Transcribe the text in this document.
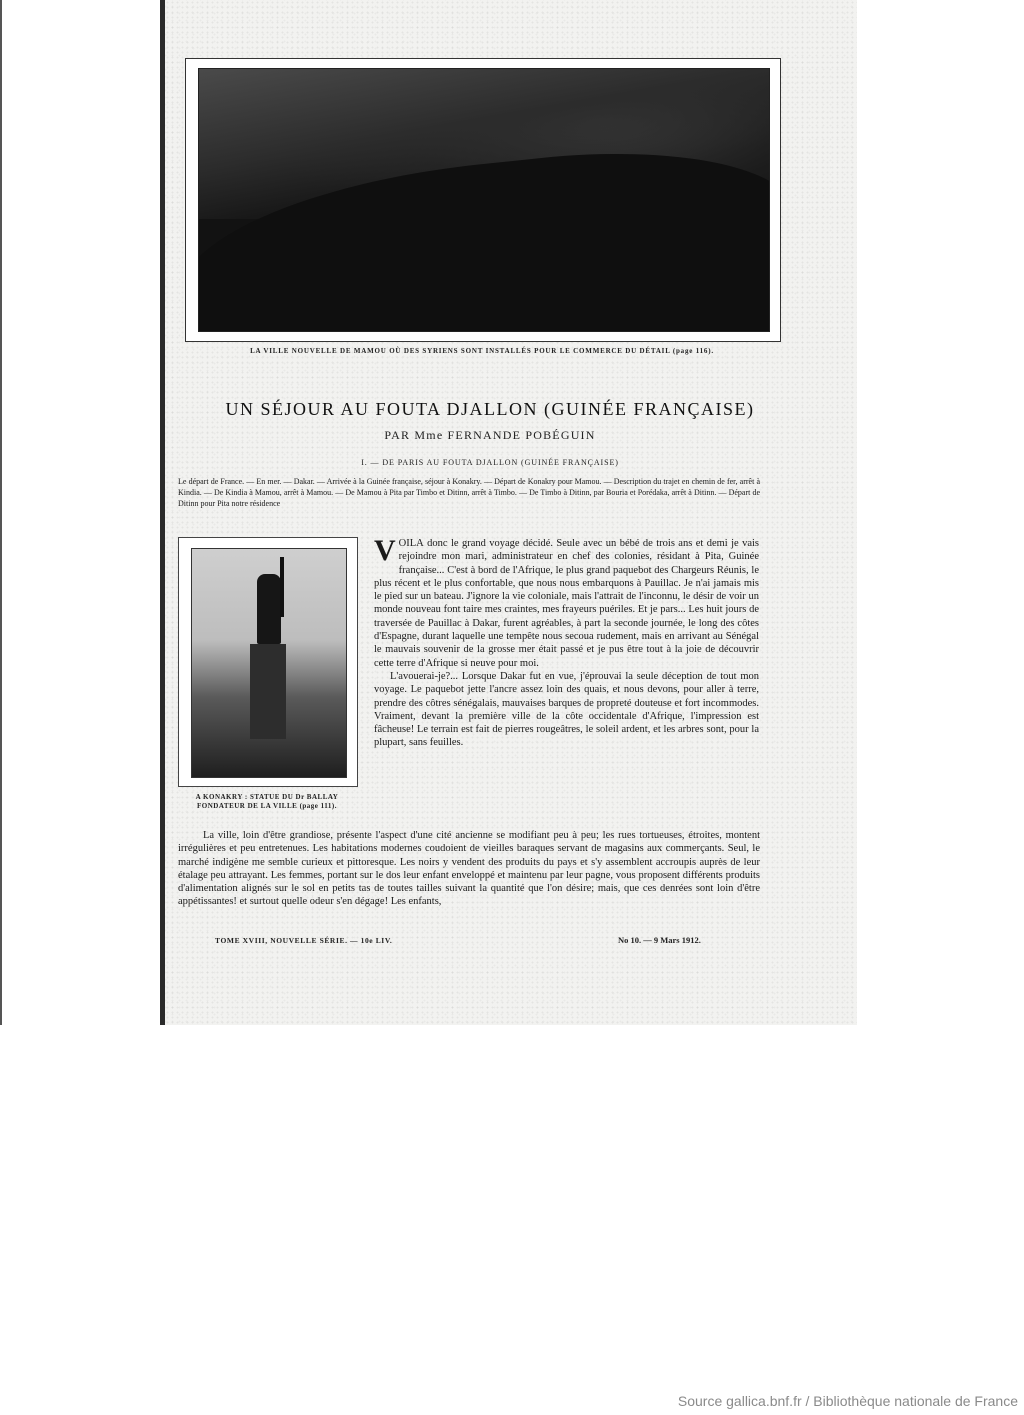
LA VILLE NOUVELLE DE MAMOU OÙ DES SYRIENS SONT INSTALLÉS POUR LE COMMERCE DU DÉTAIL (page 116).
UN SÉJOUR AU FOUTA DJALLON (GUINÉE FRANÇAISE)
PAR Mme FERNANDE POBÉGUIN
I. — DE PARIS AU FOUTA DJALLON (GUINÉE FRANÇAISE)
Le départ de France. — En mer. — Dakar. — Arrivée à la Guinée française, séjour à Konakry. — Départ de Konakry pour Mamou. — Description du trajet en chemin de fer, arrêt à Kindia. — De Kindia à Mamou, arrêt à Mamou. — De Mamou à Pita par Timbo et Ditinn, arrêt à Timbo. — De Timbo à Ditinn, par Bouria et Porédaka, arrêt à Ditinn. — Départ de Ditinn pour Pita notre résidence
A KONAKRY : STATUE DU Dr BALLAY FONDATEUR DE LA VILLE (page 111).

VOILA donc le grand voyage décidé. Seule avec un bébé de trois ans et demi je vais rejoindre mon mari, administrateur en chef des colonies, résidant à Pita, Guinée française... C'est à bord de l'Afrique, le plus grand paquebot des Chargeurs Réunis, le plus récent et le plus confortable, que nous nous embarquons à Pauillac. Je n'ai jamais mis le pied sur un bateau. J'ignore la vie coloniale, mais l'attrait de l'inconnu, le désir de voir un monde nouveau font taire mes craintes, mes frayeurs puériles. Et je pars... Les huit jours de traversée de Pauillac à Dakar, furent agréables, à part la seconde journée, le long des côtes d'Espagne, durant laquelle une tempête nous secoua rudement, mais en arrivant au Sénégal le mauvais souvenir de la grosse mer était passé et je pus être tout à la joie de découvrir cette terre d'Afrique si neuve pour moi.

L'avouerai-je?... Lorsque Dakar fut en vue, j'éprouvai la seule déception de tout mon voyage. Le paquebot jette l'ancre assez loin des quais, et nous devons, pour aller à terre, prendre des côtres sénégalais, mauvaises barques de propreté douteuse et fort incommodes. Vraiment, devant la première ville de la côte occidentale d'Afrique, l'impression est fâcheuse! Le terrain est fait de pierres rougeâtres, le soleil ardent, et les arbres sont, pour la plupart, sans feuilles.

La ville, loin d'être grandiose, présente l'aspect d'une cité ancienne se modifiant peu à peu; les rues tortueuses, étroites, montent irrégulières et peu entretenues. Les habitations modernes coudoient de vieilles baraques servant de magasins aux commerçants. Seul, le marché indigène me semble curieux et pittoresque. Les noirs y vendent des produits du pays et s'y assemblent accroupis auprès de leur étalage peu attrayant. Les femmes, portant sur le dos leur enfant enveloppé et maintenu par leur pagne, vous proposent différents produits d'alimentation alignés sur le sol en petits tas de toutes tailles suivant la quantité que l'on désire; mais, que ces denrées sont loin d'être appétissantes! et surtout quelle odeur s'en dégage! Les enfants,

TOME XVIII, NOUVELLE SÉRIE. — 10e LIV.	No 10. — 9 Mars 1912.
Source gallica.bnf.fr / Bibliothèque nationale de France
